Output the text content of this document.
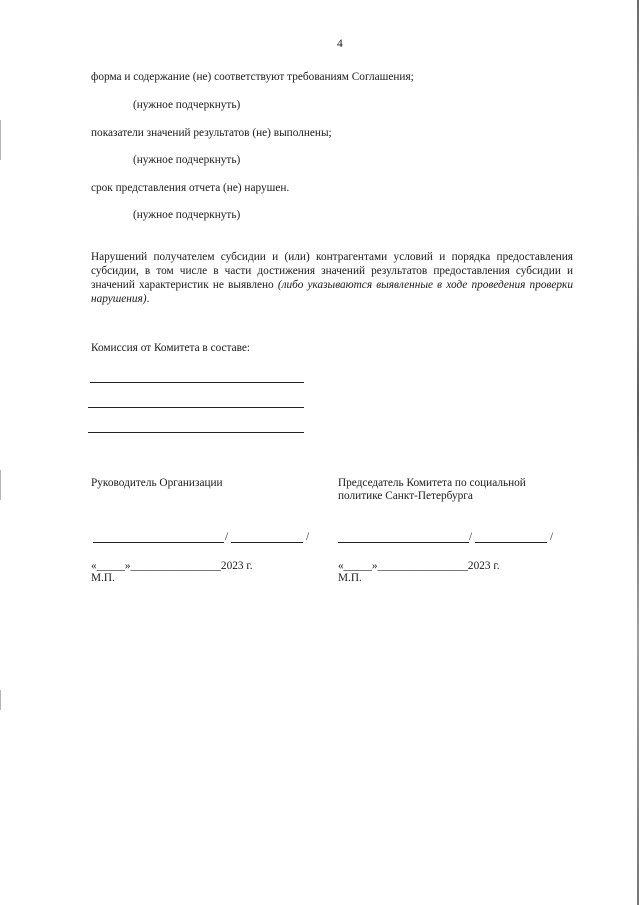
4
форма и содержание (не) соответствуют требованиям Соглашения;
(нужное подчеркнуть)
показатели значений результатов (не) выполнены;
(нужное подчеркнуть)
срок представления отчета (не) нарушен.
(нужное подчеркнуть)
Нарушений получателем субсидии и (или) контрагентами условий и порядка предоставления субсидии, в том числе в части достижения значений результатов предоставления субсидии и значений характеристик не выявлено (либо указываются выявленные в ходе проведения проверки нарушения).
Комиссия от Комитета в составе:
Руководитель Организации
/	/
«_____»________________2023 г.
М.П.
Председатель Комитета по социальной
политике Санкт-Петербурга
/	/
«_____»________________2023 г.
М.П.
